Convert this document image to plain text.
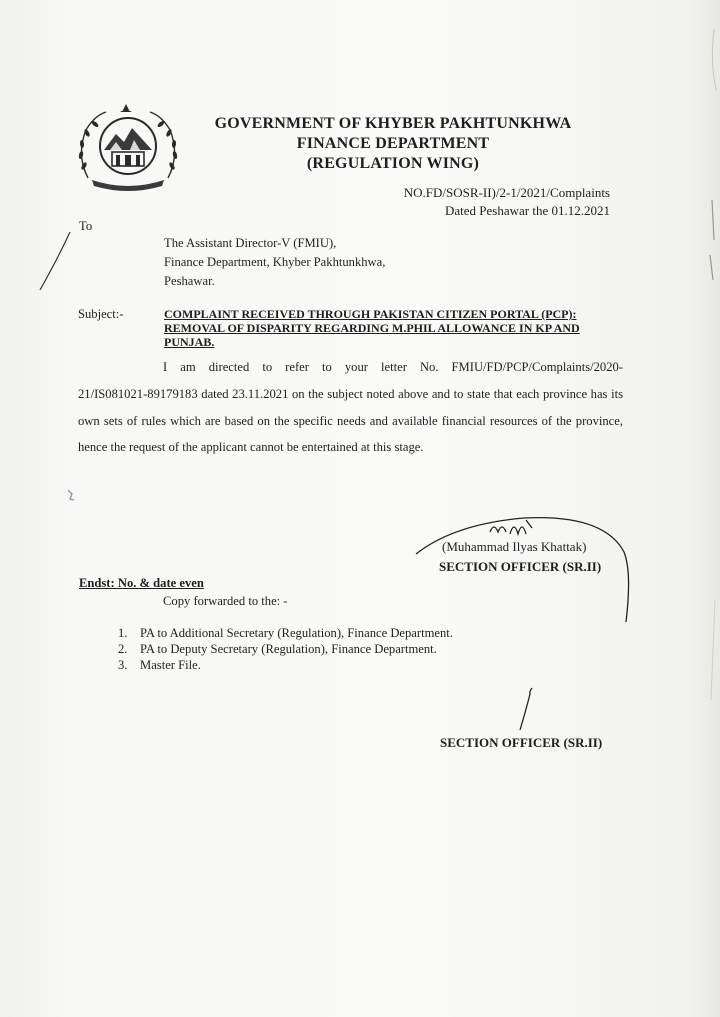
GOVERNMENT OF KHYBER PAKHTUNKHWA
FINANCE DEPARTMENT
(REGULATION WING)
NO.FD/SOSR-II)/2-1/2021/Complaints
Dated Peshawar the 01.12.2021
To
The Assistant Director-V (FMIU),
Finance Department, Khyber Pakhtunkhwa,
Peshawar.
Subject:-	COMPLAINT RECEIVED THROUGH PAKISTAN CITIZEN PORTAL (PCP): REMOVAL OF DISPARITY REGARDING M.PHIL ALLOWANCE IN KP AND PUNJAB.
I am directed to refer to your letter No. FMIU/FD/PCP/Complaints/2020-
21/IS081021-89179183 dated 23.11.2021 on the subject noted above and to state that each province has its own sets of rules which are based on the specific needs and available financial resources of the province, hence the request of the applicant cannot be entertained at this stage.
(Muhammad Ilyas Khattak)
SECTION OFFICER (SR.II)
Endst: No. & date even
Copy forwarded to the: -
1. PA to Additional Secretary (Regulation), Finance Department.
2. PA to Deputy Secretary (Regulation), Finance Department.
3. Master File.
SECTION OFFICER (SR.II)
